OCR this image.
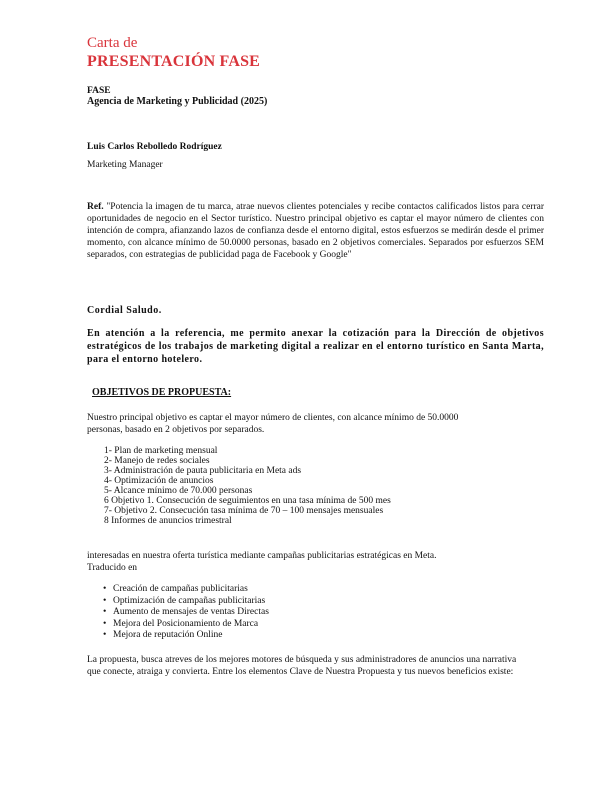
Carta de
PRESENTACIÓN FASE
FASE
Agencia de Marketing y Publicidad (2025)
Luis Carlos Rebolledo Rodríguez
Marketing Manager
Ref. "Potencia la imagen de tu marca, atrae nuevos clientes potenciales y recibe contactos calificados listos para cerrar oportunidades de negocio en el Sector turístico. Nuestro principal objetivo es captar el mayor número de clientes con intención de compra, afianzando lazos de confianza desde el entorno digital, estos esfuerzos se medirán desde el primer momento, con alcance mínimo de 50.0000 personas, basado en 2 objetivos comerciales. Separados por esfuerzos SEM separados, con estrategias de publicidad paga de Facebook y Google"
Cordial Saludo.
En atención a la referencia, me permito anexar la cotización para la Dirección de objetivos estratégicos de los trabajos de marketing digital a realizar en el entorno turístico en Santa Marta, para el entorno hotelero.
OBJETIVOS DE PROPUESTA:
Nuestro principal objetivo es captar el mayor número de clientes, con alcance mínimo de 50.0000 personas, basado en 2 objetivos por separados.
1- Plan de marketing mensual
2- Manejo de redes sociales
3- Administración de pauta publicitaria en Meta ads
4- Optimización de anuncios
5- Alcance mínimo de 70.000 personas
6 Objetivo 1. Consecución de seguimientos en una tasa mínima de 500 mes
7- Objetivo 2. Consecución tasa mínima de 70 – 100 mensajes mensuales
8 Informes de anuncios trimestral
interesadas en nuestra oferta turística mediante campañas publicitarias estratégicas en Meta.
Traducido en
• Creación de campañas publicitarias
• Optimización de campañas publicitarias
• Aumento de mensajes de ventas Directas
• Mejora del Posicionamiento de Marca
• Mejora de reputación Online
La propuesta, busca atreves de los mejores motores de búsqueda y sus administradores de anuncios una narrativa que conecte, atraiga y convierta. Entre los elementos Clave de Nuestra Propuesta y tus nuevos beneficios existe:
